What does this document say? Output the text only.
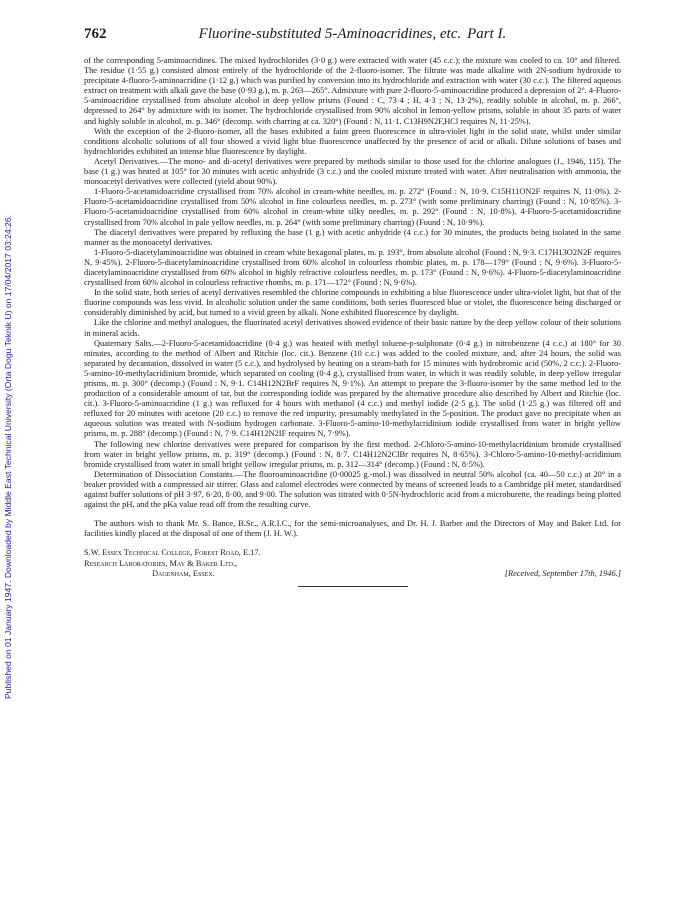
Published on 01 January 1947. Downloaded by Middle East Technical University (Orta Dogu Teknik U) on 17/04/2017 03:24:26.
762	Fluorine-substituted 5-Aminoacridines, etc. Part I.

of the corresponding 5-aminoacridines. The mixed hydrochlorides (3·0 g.) were extracted with water (45 c.c.); the mixture was cooled to ca. 10° and filtered. The residue (1·55 g.) consisted almost entirely of the hydrochloride of the 2-fluoro-isomer. The filtrate was made alkaline with 2N-sodium hydroxide to precipitate 4-fluoro-5-aminoacridine (1·12 g.) which was purified by conversion into its hydrochloride and extraction with water (30 c.c.). The filtered aqueous extract on treatment with alkali gave the base (0·93 g.), m. p. 263—265°. Admixture with pure 2-fluoro-5-aminoacridine produced a depression of 2°. 4-Fluoro-5-aminoacridine crystallised from absolute alcohol in deep yellow prisms (Found : C, 73·4 ; H, 4·3 ; N, 13·2%), readily soluble in alcohol, m. p. 266°, depressed to 264° by admixture with its isomer. The hydrochloride crystallised from 90% alcohol in lemon-yellow prisms, soluble in about 35 parts of water and highly soluble in alcohol, m. p. 346° (decomp. with charring at ca. 320°) (Found : N, 11·1. C13H9N2F,HCl requires N, 11·25%).

With the exception of the 2-fluoro-isomer, all the bases exhibited a faint green fluorescence in ultra-violet light in the solid state, whilst under similar conditions alcoholic solutions of all four showed a vivid light blue fluorescence unaffected by the presence of acid or alkali. Dilute solutions of bases and hydrochlorides exhibited an intense blue fluorescence by daylight.

Acetyl Derivatives.—The mono- and di-acetyl derivatives were prepared by methods similar to those used for the chlorine analogues (J., 1946, 115). The base (1 g.) was heated at 105° for 30 minutes with acetic anhydride (3 c.c.) and the cooled mixture treated with water. After neutralisation with ammonia, the monoacetyl derivatives were collected (yield about 90%).

1-Fluoro-5-acetamidoacridine crystallised from 70% alcohol in cream-white needles, m. p. 272° (Found : N, 10·9. C15H11ON2F requires N, 11·0%). 2-Fluoro-5-acetamidoacridine crystallised from 50% alcohol in fine colourless needles, m. p. 273° (with some preliminary charring) (Found : N, 10·85%). 3-Fluoro-5-acetamidoacridine crystallised from 60% alcohol in cream-white silky needles, m. p. 292° (Found : N, 10·8%). 4-Fluoro-5-acetamidoacridine crystallised from 70% alcohol in pale yellow needles, m. p. 264° (with some preliminary charring) (Found : N, 10·9%).

The diacetyl derivatives were prepared by refluxing the base (1 g.) with acetic anhydride (4 c.c.) for 30 minutes, the products being isolated in the same manner as the monoacetyl derivatives.

1-Fluoro-5-diacetylaminoacridine was obtained in cream white hexagonal plates, m. p. 193°, from absolute alcohol (Found : N, 9·3. C17H13O2N2F requires N, 9·45%). 2-Fluoro-5-diacetylaminoacridine crystallised from 60% alcohol in colourless rhombic plates, m. p. 178—179° (Found : N, 9·6%). 3-Fluoro-5-diacetylaminoacridine crystallised from 60% alcohol in highly refractive colourless needles, m. p. 173° (Found : N, 9·6%). 4-Fluoro-5-diacetylaminoacridine crystallised from 60% alcohol in colourless refractive rhombs, m. p. 171—172° (Found : N, 9·6%).

In the solid state, both series of acetyl derivatives resembled the chlorine compounds in exhibiting a blue fluorescence under ultra-violet light, but that of the fluorine compounds was less vivid. In alcoholic solution under the same conditions, both series fluoresced blue or violet, the fluorescence being discharged or considerably diminished by acid, but turned to a vivid green by alkali. None exhibited fluorescence by daylight.

Like the chlorine and methyl analogues, the fluorinated acetyl derivatives showed evidence of their basic nature by the deep yellow colour of their solutions in mineral acids.

Quaternary Salts.—2-Fluoro-5-acetamidoacridine (0·4 g.) was heated with methyl toluene-p-sulphonate (0·4 g.) in nitrobenzene (4 c.c.) at 180° for 30 minutes, according to the method of Albert and Ritchie (loc. cit.). Benzene (10 c.c.) was added to the cooled mixture, and, after 24 hours, the solid was separated by decantation, dissolved in water (5 c.c.), and hydrolysed by heating on a steam-bath for 15 minutes with hydrobromic acid (50%, 2 c.c.). 2-Fluoro-5-amino-10-methylacridinium bromide, which separated on cooling (0·4 g.), crystallised from water, in which it was readily soluble, in deep yellow irregular prisms, m. p. 300° (decomp.) (Found : N, 9·1. C14H12N2BrF requires N, 9·1%). An attempt to prepare the 3-fluoro-isomer by the same method led to the production of a considerable amount of tar, but the corresponding iodide was prepared by the alternative procedure also described by Albert and Ritchie (loc. cit.). 3-Fluoro-5-aminoacridine (1 g.) was refluxed for 4 hours with methanol (4 c.c.) and methyl iodide (2·5 g.). The solid (1·25 g.) was filtered off and refluxed for 20 minutes with acetone (20 c.c.) to remove the red impurity, presumably methylated in the 5-position. The product gave no precipitate when an aqueous solution was treated with N-sodium hydrogen carbonate. 3-Fluoro-5-amino-10-methylacridinium iodide crystallised from water in bright yellow prisms, m. p. 288° (decomp.) (Found : N, 7·9. C14H12N2IF requires N, 7·9%).

The following new chlorine derivatives were prepared for comparison by the first method. 2-Chloro-5-amino-10-methylacridinium bromide crystallised from water in bright yellow prisms, m. p. 319° (decomp.) (Found : N, 8·7. C14H12N2ClBr requires N, 8·65%). 3-Chloro-5-amino-10-methyl-acridinium bromide crystallised from water in small bright yellow irregular prisms, m. p. 312—314° (decomp.) (Found : N, 8·5%).

Determination of Dissociation Constants.—The fluoroaminoacridine (0·00025 g.-mol.) was dissolved in neutral 50% alcohol (ca. 40—50 c.c.) at 20° in a beaker provided with a compressed air stirrer. Glass and calomel electrodes were connected by means of screened leads to a Cambridge pH meter, standardised against buffer solutions of pH 3·97, 6·20, 8·00, and 9·00. The solution was titrated with 0·5N-hydrochloric acid from a microburette, the readings being plotted against the pH, and the pKa value read off from the resulting curve.

The authors wish to thank Mr. S. Bance, B.Sc., A.R.I.C., for the semi-microanalyses, and Dr. H. J. Barber and the Directors of May and Baker Ltd. for facilities kindly placed at the disposal of one of them (J. H. W.).

S.W. Essex Technical College, Forest Road, E.17.
Research Laboratories, May & Baker Ltd.,
Dagenham, Essex.	[Received, September 17th, 1946.]
